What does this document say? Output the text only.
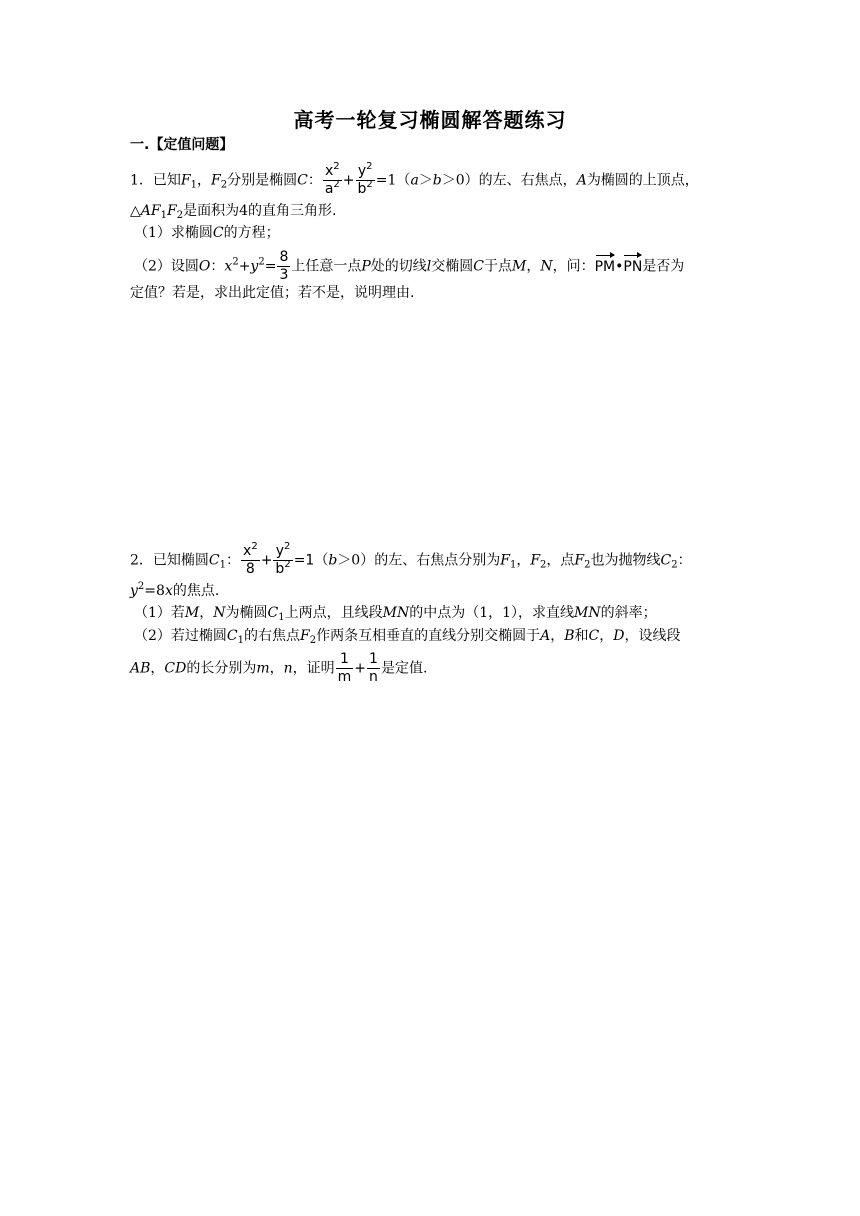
高考一轮复习椭圆解答题练习
一.【定值问题】
1．已知$F_1$，$F_2$分别是椭圆C： $\frac{x^2}{a^2} + \frac{y^2}{b^2} =1(a>b>0)$的左、右焦点，A为椭圆的上顶点，
$\triangle AF_1F_2$是面积为4的直角三角形.
（1）求椭圆C的方程；
（2）设圆O：$x^2+y^2= \frac{8}{3}$ 上任意一点P处的切线l交椭圆C于点M，N，问：PM•PN是否为
定值？若是，求出此定值；若不是，说明理由.
2．已知椭圆$C_1$： $\frac{x^2}{8} + \frac{y^2}{b^2} =1(b>0)$的左、右焦点分别为$F_1$，$F_2$，点$F_2$也为抛物线$C_2$：
$y^2=8x$的焦点.
（1）若M，N为椭圆$C_1$上两点，且线段MN的中点为（1，1），求直线MN的斜率；
（2）若过椭圆$C_1$的右焦点$F_2$作两条互相垂直的直线分别交椭圆于A，B和C，D，设线段
AB，CD的长分别为m，n，证明 $\frac{1}{m} + \frac{1}{n}$ 是定值.
